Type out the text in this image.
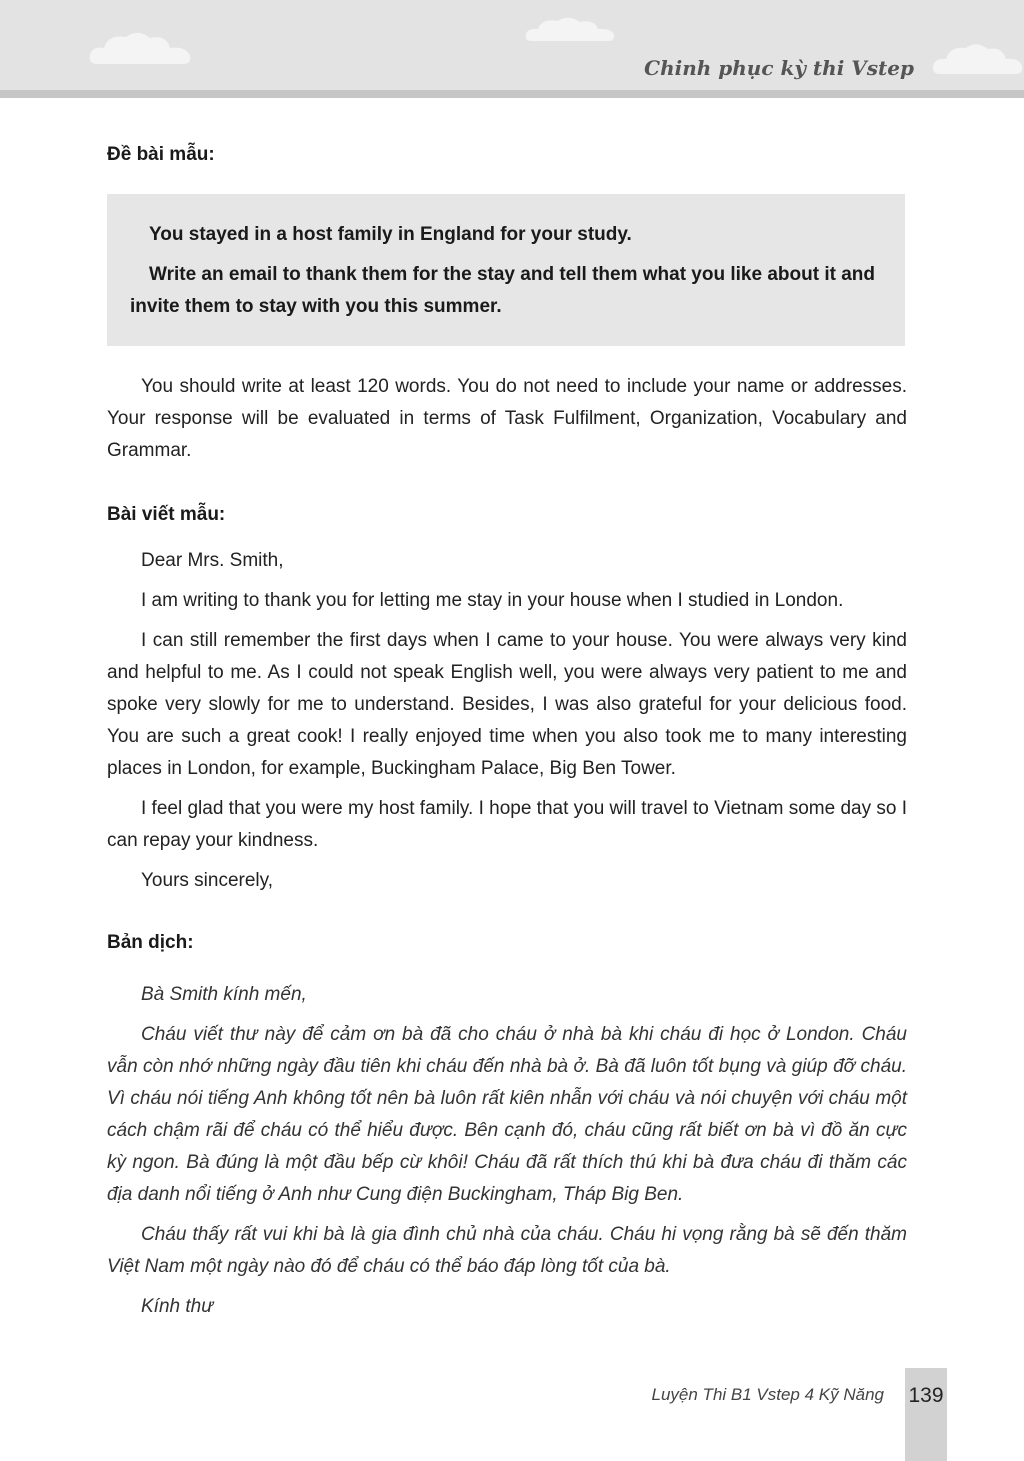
Chinh phục kỳ thi Vstep
Đề bài mẫu:
You stayed in a host family in England for your study.
Write an email to thank them for the stay and tell them what you like about it and
invite them to stay with you this summer.
You should write at least 120 words. You do not need to include your name or addresses. Your response will be evaluated in terms of Task Fulfilment, Organization, Vocabulary and Grammar.
Bài viết mẫu:
Dear Mrs. Smith,
I am writing to thank you for letting me stay in your house when I studied in London.
I can still remember the first days when I came to your house. You were always very kind and helpful to me. As I could not speak English well, you were always very patient to me and spoke very slowly for me to understand. Besides, I was also grateful for your delicious food. You are such a great cook! I really enjoyed time when you also took me to many interesting places in London, for example, Buckingham Palace, Big Ben Tower.
I feel glad that you were my host family. I hope that you will travel to Vietnam some day so I can repay your kindness.
Yours sincerely,
Bản dịch:
Bà Smith kính mến,
Cháu viết thư này để cảm ơn bà đã cho cháu ở nhà bà khi cháu đi học ở London. Cháu vẫn còn nhớ những ngày đầu tiên khi cháu đến nhà bà ở. Bà đã luôn tốt bụng và giúp đỡ cháu. Vì cháu nói tiếng Anh không tốt nên bà luôn rất kiên nhẫn với cháu và nói chuyện với cháu một cách chậm rãi để cháu có thể hiểu được. Bên cạnh đó, cháu cũng rất biết ơn bà vì đồ ăn cực kỳ ngon. Bà đúng là một đầu bếp cừ khôi! Cháu đã rất thích thú khi bà đưa cháu đi thăm các địa danh nổi tiếng ở Anh như Cung điện Buckingham, Tháp Big Ben.
Cháu thấy rất vui khi bà là gia đình chủ nhà của cháu. Cháu hi vọng rằng bà sẽ đến thăm Việt Nam một ngày nào đó để cháu có thể báo đáp lòng tốt của bà.
Kính thư
Luyện Thi B1 Vstep 4 Kỹ Năng 139
